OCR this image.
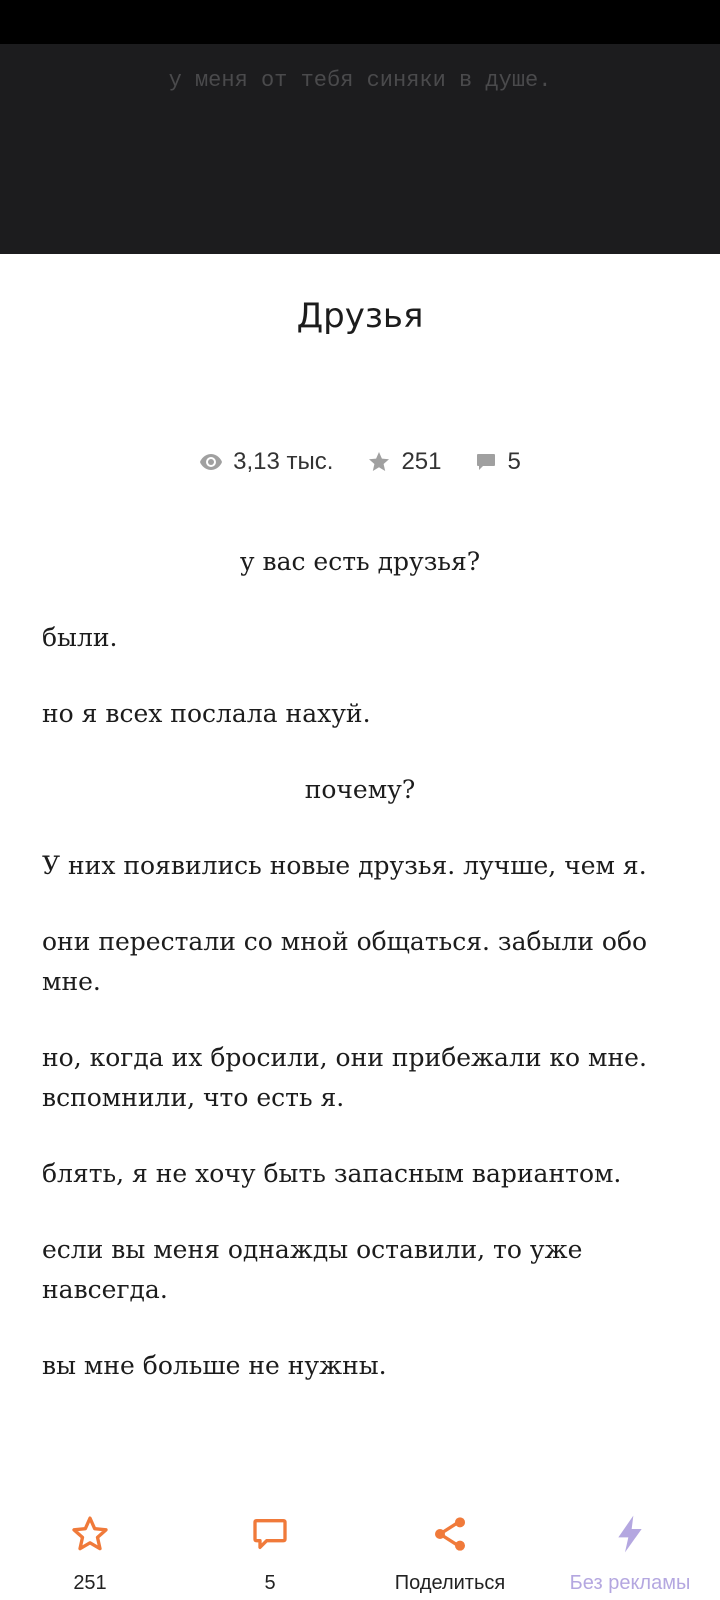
у меня от тебя синяки в душе.
Друзья
3,13 тыс.	251	5

у вас есть друзья?

были.

но я всех послала нахуй.

почему?

У них появились новые друзья. лучше, чем я.

они перестали со мной общаться. забыли обо мне.

но, когда их бросили, они прибежали ко мне. вспомнили, что есть я.

блять, я не хочу быть запасным вариантом.

если вы меня однажды оставили, то уже навсегда.

вы мне больше не нужны.

251	5	Поделиться	Без рекламы
